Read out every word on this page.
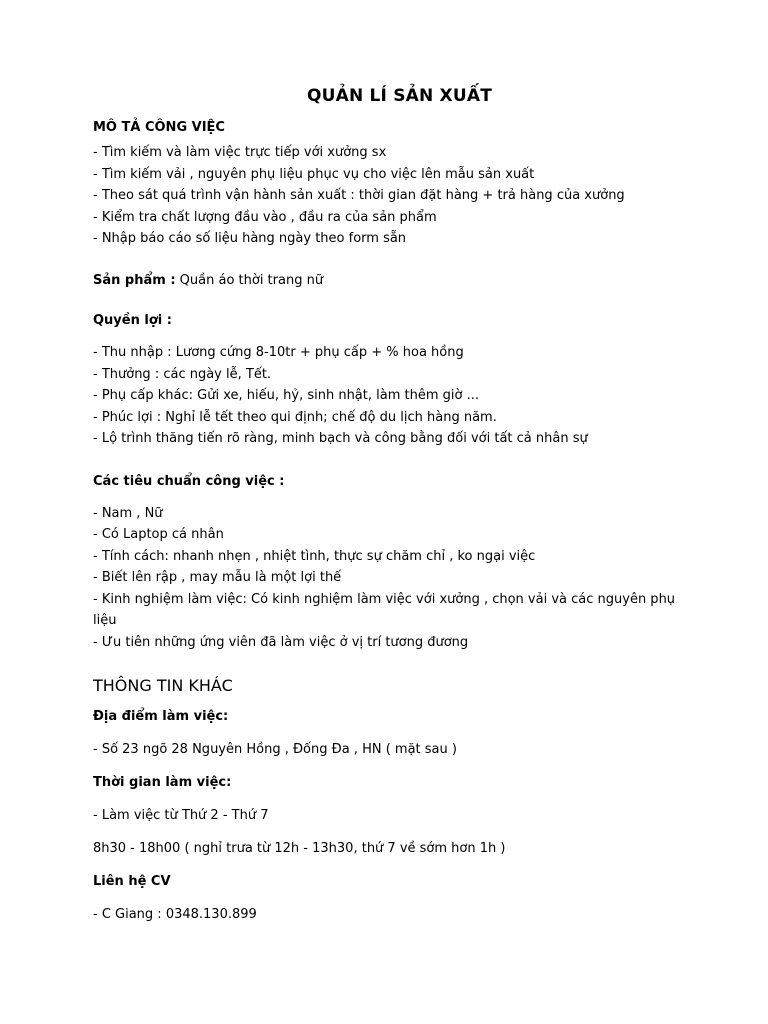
QUẢN LÍ SẢN XUẤT
MÔ TẢ CÔNG VIỆC

- Tìm kiếm và làm việc trực tiếp với xưởng sx

- Tìm kiếm vải , nguyên phụ liệu phục vụ cho việc lên mẫu sản xuất

- Theo sát quá trình vận hành sản xuất : thời gian đặt hàng + trả hàng của xưởng

- Kiểm tra chất lượng đầu vào , đầu ra của sản phẩm

- Nhập báo cáo số liệu hàng ngày theo form sẵn

Sản phẩm : Quần áo thời trang nữ

Quyền lợi :

- Thu nhập : Lương cứng 8-10tr + phụ cấp + % hoa hồng

- Thưởng : các ngày lễ, Tết.

- Phụ cấp khác: Gửi xe, hiếu, hỷ, sinh nhật, làm thêm giờ ...

- Phúc lợi : Nghỉ lễ tết theo qui định; chế độ du lịch hàng năm.

- Lộ trình thăng tiến rõ ràng, minh bạch và công bằng đối với tất cả nhân sự

Các tiêu chuẩn công việc :

- Nam , Nữ

- Có Laptop cá nhân

- Tính cách: nhanh nhẹn , nhiệt tình, thực sự chăm chỉ , ko ngại việc

- Biết lên rập , may mẫu là một lợi thế

- Kinh nghiệm làm việc: Có kinh nghiệm làm việc với xưởng , chọn vải và các nguyên phụ

liệu

- Ưu tiên những ứng viên đã làm việc ở vị trí tương đương

THÔNG TIN KHÁC

Địa điểm làm việc:

- Số 23 ngõ 28 Nguyên Hồng , Đống Đa , HN ( mặt sau )

Thời gian làm việc:

- Làm việc từ Thứ 2 - Thứ 7

8h30 - 18h00 ( nghỉ trưa từ 12h - 13h30, thứ 7 về sớm hơn 1h )

Liên hệ CV

- C Giang : 0348.130.899
